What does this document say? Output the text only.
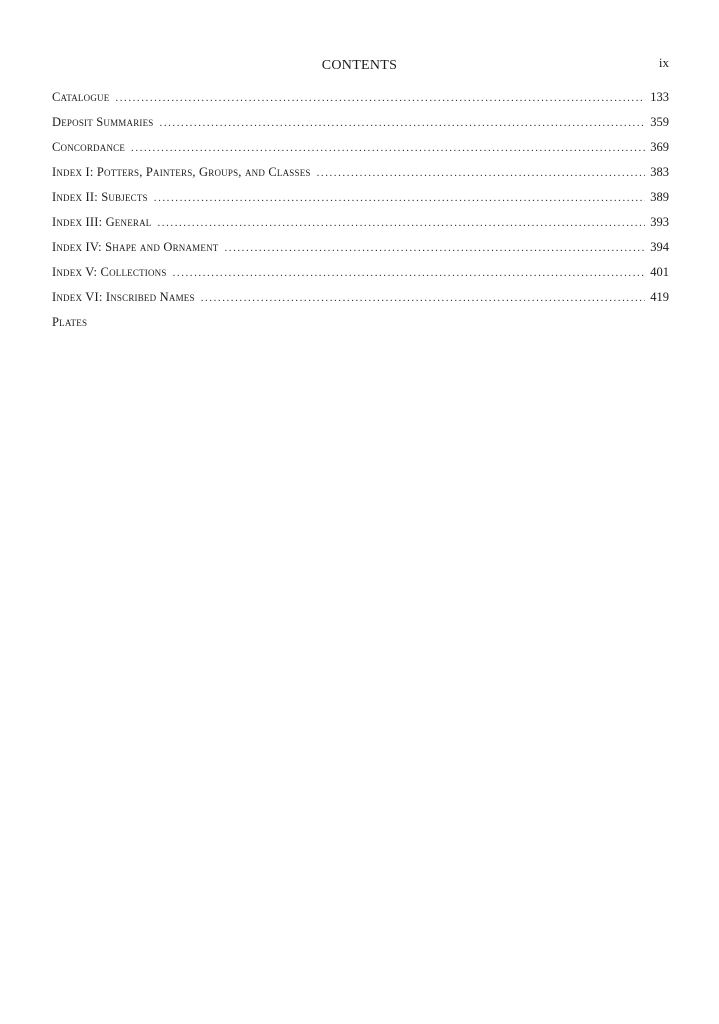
CONTENTS	ix
Catalogue . . .	133
Deposit Summaries . . .	359
Concordance . . .	369
Index I: Potters, Painters, Groups, and Classes . . .	383
Index II: Subjects . . .	389
Index III: General . . .	393
Index IV: Shape and Ornament . . .	394
Index V: Collections . . .	401
Index VI: Inscribed Names . . .	419
Plates
